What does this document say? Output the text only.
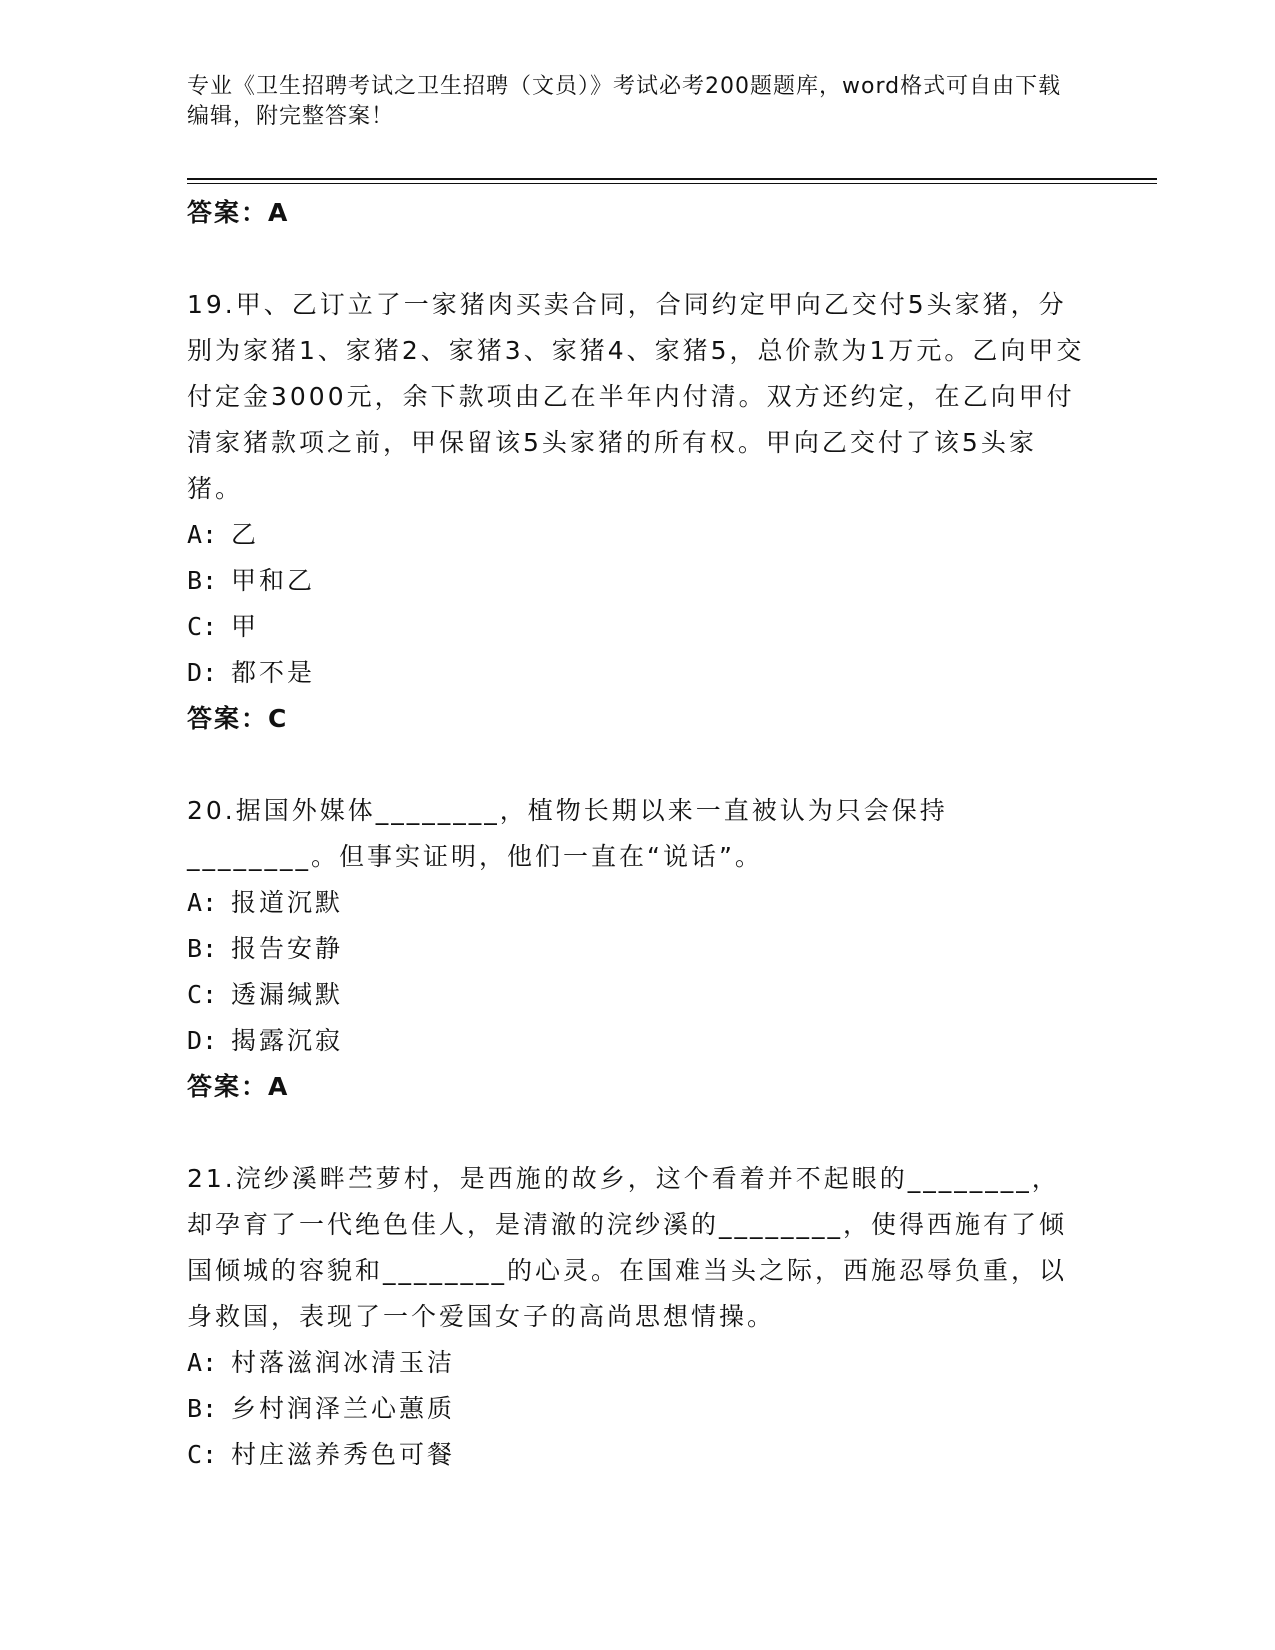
专业《卫生招聘考试之卫生招聘（文员）》考试必考200题题库，word格式可自由下载编辑，附完整答案！
答案：A

19.甲、乙订立了一家猪肉买卖合同，合同约定甲向乙交付5头家猪，分别为家猪1、家猪2、家猪3、家猪4、家猪5，总价款为1万元。乙向甲交付定金3000元，余下款项由乙在半年内付清。双方还约定，在乙向甲付清家猪款项之前，甲保留该5头家猪的所有权。甲向乙交付了该5头家猪。

A: 乙
B: 甲和乙
C: 甲
D: 都不是
答案：C

20.据国外媒体________，植物长期以来一直被认为只会保持________。但事实证明，他们一直在“说话”。

A: 报道沉默
B: 报告安静
C: 透漏缄默
D: 揭露沉寂
答案：A

21.浣纱溪畔苎萝村，是西施的故乡，这个看着并不起眼的________，却孕育了一代绝色佳人，是清澈的浣纱溪的________，使得西施有了倾国倾城的容貌和________的心灵。在国难当头之际，西施忍辱负重，以身救国，表现了一个爱国女子的高尚思想情操。

A: 村落滋润冰清玉洁
B: 乡村润泽兰心蕙质
C: 村庄滋养秀色可餐
